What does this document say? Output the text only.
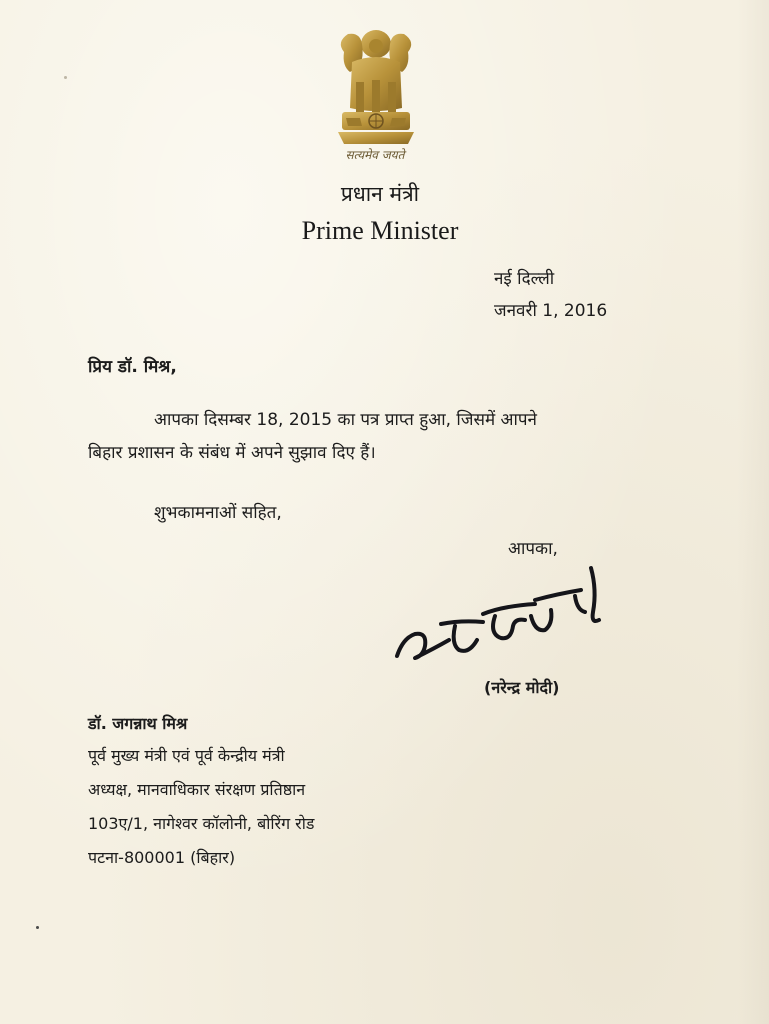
सत्यमेव जयते
प्रधान मंत्री
Prime Minister
नई दिल्ली
जनवरी 1, 2016
प्रिय डॉ. मिश्र,
आपका दिसम्बर 18, 2015 का पत्र प्राप्त हुआ, जिसमें आपने
बिहार प्रशासन के संबंध में अपने सुझाव दिए हैं।
शुभकामनाओं सहित,
आपका,
(नरेन्द्र मोदी)
डॉ. जगन्नाथ मिश्र
पूर्व मुख्य मंत्री एवं पूर्व केन्द्रीय मंत्री
अध्यक्ष, मानवाधिकार संरक्षण प्रतिष्ठान
103ए/1, नागेश्वर कॉलोनी, बोरिंग रोड
पटना-800001 (बिहार)
